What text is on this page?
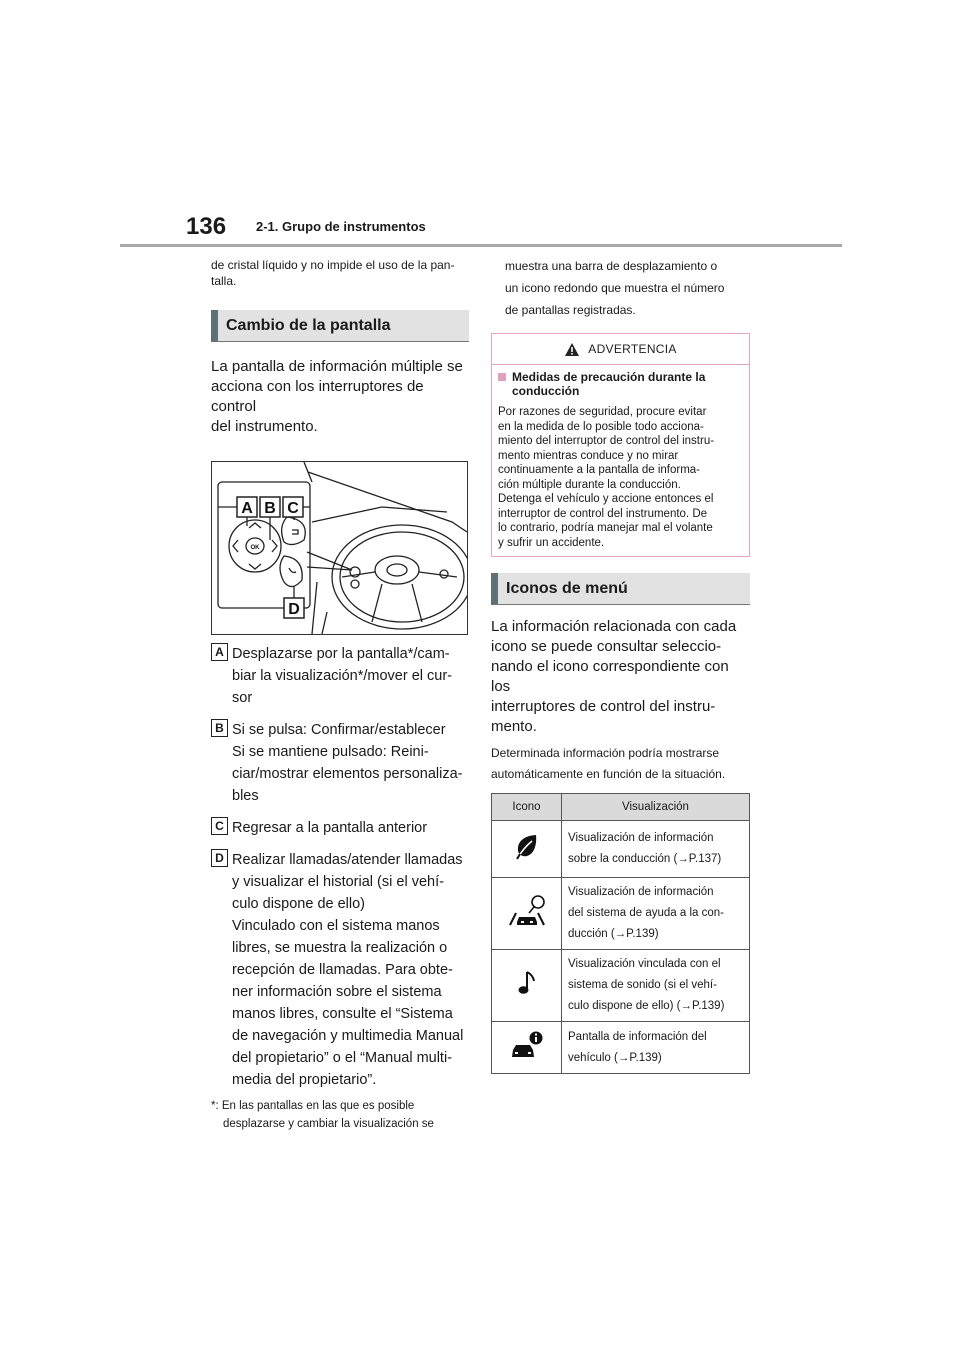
136 2-1. Grupo de instrumentos

de cristal líquido y no impide el uso de la pan-

talla.

Cambio de la pantalla

La pantalla de información múltiple se

acciona con los interruptores de control

del instrumento.

A B C
D
OK
A Desplazarse por la pantalla*/cam-
biar la visualización*/mover el cur-
sor
B Si se pulsa: Confirmar/establecer
Si se mantiene pulsado: Reini-
ciar/mostrar elementos personaliza-
bles
C Regresar a la pantalla anterior
D Realizar llamadas/atender llamadas
y visualizar el historial (si el vehí-
culo dispone de ello)
Vinculado con el sistema manos
libres, se muestra la realización o
recepción de llamadas. Para obte-
ner información sobre el sistema
manos libres, consulte el “Sistema
de navegación y multimedia Manual
del propietario” o el “Manual multi-
media del propietario”.
*: En las pantallas en las que es posible
desplazarse y cambiar la visualización se
muestra una barra de desplazamiento o
un icono redondo que muestra el número
de pantallas registradas.
ADVERTENCIA
Medidas de precaución durante la
conducción
Por razones de seguridad, procure evitar
en la medida de lo posible todo acciona-
miento del interruptor de control del instru-
mento mientras conduce y no mirar
continuamente a la pantalla de informa-
ción múltiple durante la conducción.
Detenga el vehículo y accione entonces el
interruptor de control del instrumento. De
lo contrario, podría manejar mal el volante
y sufrir un accidente.
Iconos de menú

La información relacionada con cada

icono se puede consultar seleccio-

nando el icono correspondiente con los

interruptores de control del instru-

mento.

Determinada información podría mostrarse
automáticamente en función de la situación.
Icono	Visualización

Visualización de información
sobre la conducción (→P.137)

Visualización de información
del sistema de ayuda a la con-
ducción (→P.139)

Visualización vinculada con el
sistema de sonido (si el vehí-
culo dispone de ello) (→P.139)

Pantalla de información del
vehículo (→P.139)
